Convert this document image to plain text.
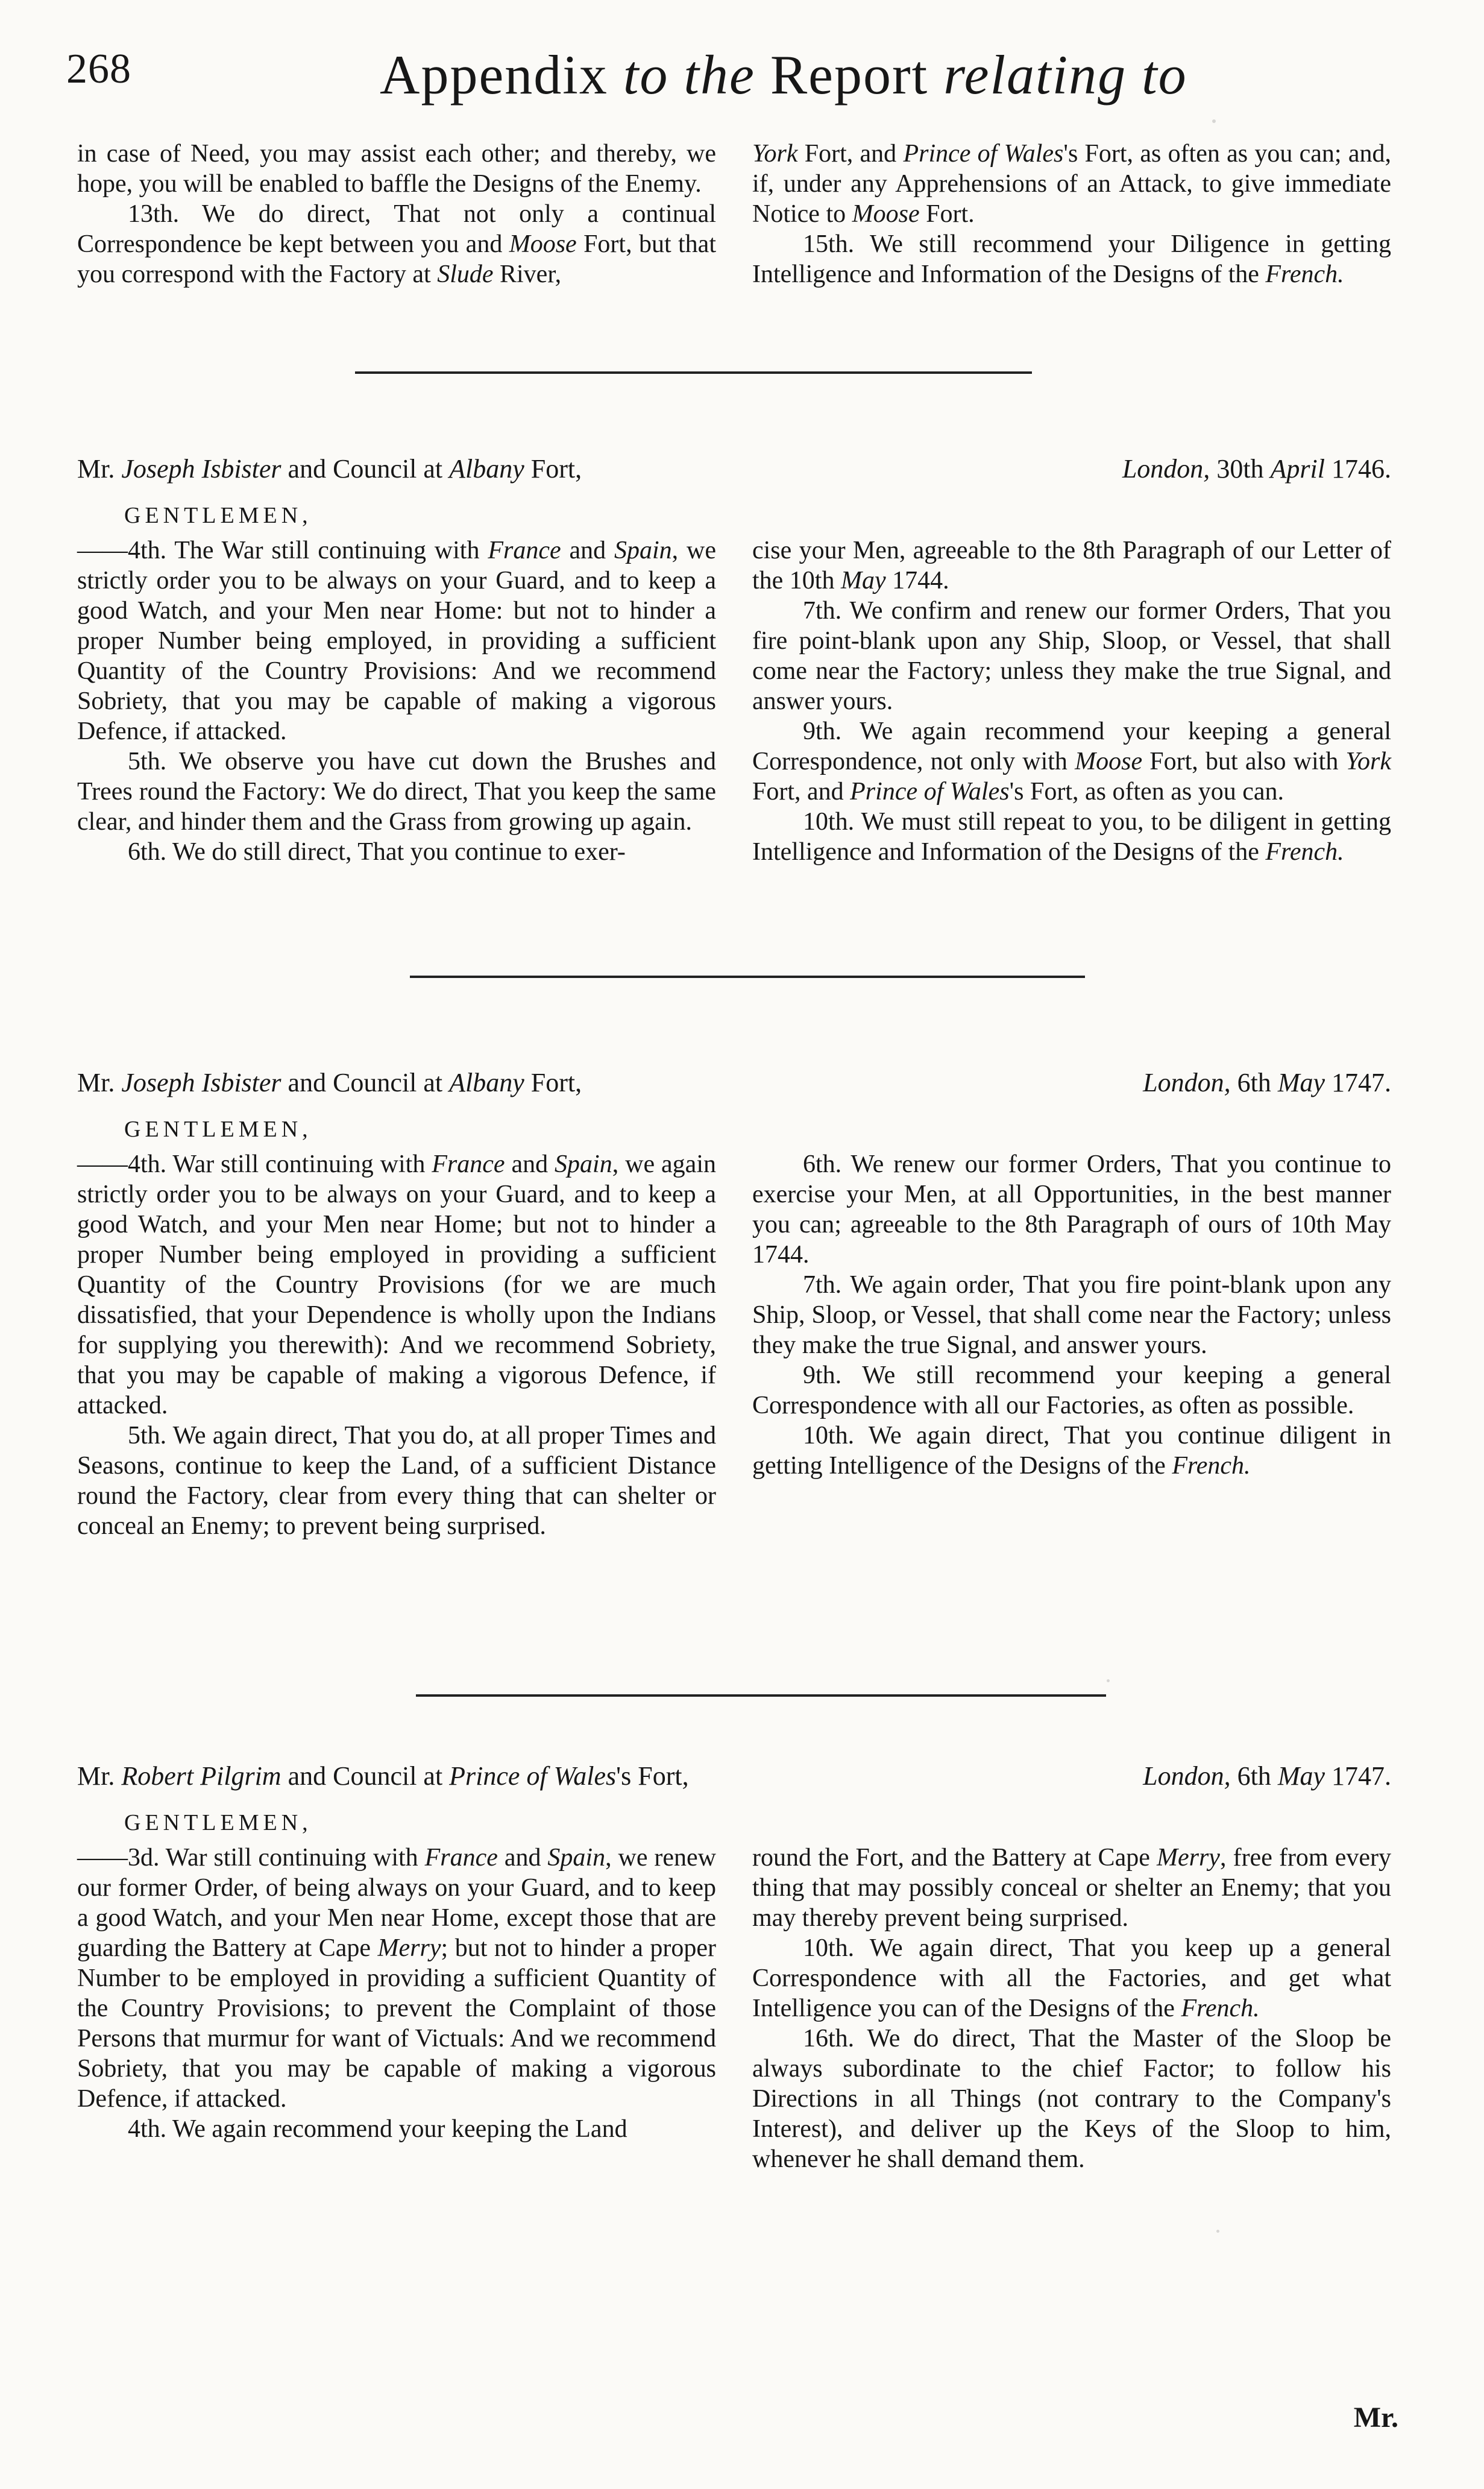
268	Appendix to the Report relating to

in case of Need, you may assist each other; and thereby, we hope, you will be enabled to baffle the Designs of the Enemy.

13th. We do direct, That not only a continual Correspondence be kept between you and Moose Fort, but that you correspond with the Factory at Slude River,

York Fort, and Prince of Wales's Fort, as often as you can; and, if, under any Apprehensions of an Attack, to give immediate Notice to Moose Fort.

15th. We still recommend your Diligence in getting Intelligence and Information of the Designs of the French.

Mr. Joseph Isbister and Council at Albany Fort,	London, 30th April 1746.
GENTLEMEN,

——4th. The War still continuing with France and Spain, we strictly order you to be always on your Guard, and to keep a good Watch, and your Men near Home: but not to hinder a proper Number being employed, in providing a sufficient Quantity of the Country Provisions: And we recommend Sobriety, that you may be capable of making a vigorous Defence, if attacked.

5th. We observe you have cut down the Brushes and Trees round the Factory: We do direct, That you keep the same clear, and hinder them and the Grass from growing up again.

6th. We do still direct, That you continue to exer-

cise your Men, agreeable to the 8th Paragraph of our Letter of the 10th May 1744.

7th. We confirm and renew our former Orders, That you fire point-blank upon any Ship, Sloop, or Vessel, that shall come near the Factory; unless they make the true Signal, and answer yours.

9th. We again recommend your keeping a general Correspondence, not only with Moose Fort, but also with York Fort, and Prince of Wales's Fort, as often as you can.

10th. We must still repeat to you, to be diligent in getting Intelligence and Information of the Designs of the French.

Mr. Joseph Isbister and Council at Albany Fort,	London, 6th May 1747.
GENTLEMEN,

——4th. War still continuing with France and Spain, we again strictly order you to be always on your Guard, and to keep a good Watch, and your Men near Home; but not to hinder a proper Number being employed in providing a sufficient Quantity of the Country Provisions (for we are much dissatisfied, that your Dependence is wholly upon the Indians for supplying you therewith): And we recommend Sobriety, that you may be capable of making a vigorous Defence, if attacked.

5th. We again direct, That you do, at all proper Times and Seasons, continue to keep the Land, of a sufficient Distance round the Factory, clear from every thing that can shelter or conceal an Enemy; to prevent being surprised.

6th. We renew our former Orders, That you continue to exercise your Men, at all Opportunities, in the best manner you can; agreeable to the 8th Paragraph of ours of 10th May 1744.

7th. We again order, That you fire point-blank upon any Ship, Sloop, or Vessel, that shall come near the Factory; unless they make the true Signal, and answer yours.

9th. We still recommend your keeping a general Correspondence with all our Factories, as often as possible.

10th. We again direct, That you continue diligent in getting Intelligence of the Designs of the French.

Mr. Robert Pilgrim and Council at Prince of Wales's Fort,	London, 6th May 1747.
GENTLEMEN,

——3d. War still continuing with France and Spain, we renew our former Order, of being always on your Guard, and to keep a good Watch, and your Men near Home, except those that are guarding the Battery at Cape Merry; but not to hinder a proper Number to be employed in providing a sufficient Quantity of the Country Provisions; to prevent the Complaint of those Persons that murmur for want of Victuals: And we recommend Sobriety, that you may be capable of making a vigorous Defence, if attacked.

4th. We again recommend your keeping the Land

round the Fort, and the Battery at Cape Merry, free from every thing that may possibly conceal or shelter an Enemy; that you may thereby prevent being surprised.

10th. We again direct, That you keep up a general Correspondence with all the Factories, and get what Intelligence you can of the Designs of the French.

16th. We do direct, That the Master of the Sloop be always subordinate to the chief Factor; to follow his Directions in all Things (not contrary to the Company's Interest), and deliver up the Keys of the Sloop to him, whenever he shall demand them.

Mr.
